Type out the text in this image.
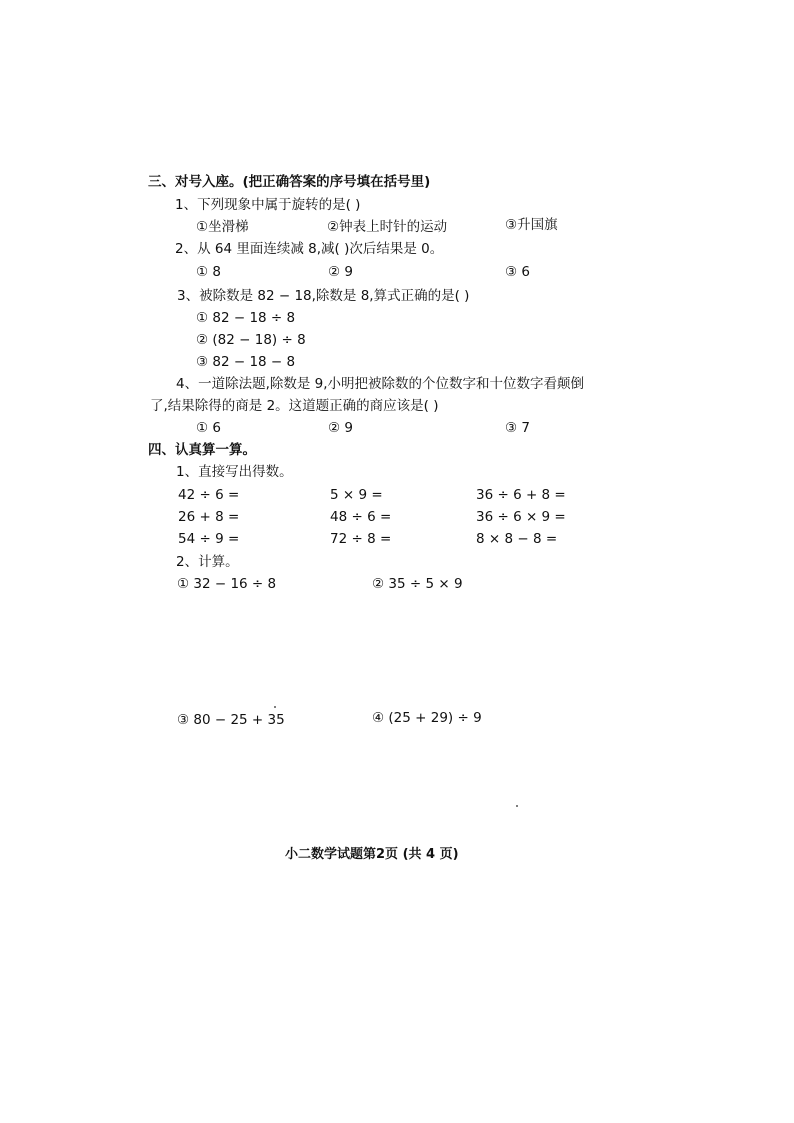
三、对号入座。(把正确答案的序号填在括号里)
1、下列现象中属于旋转的是( )
①坐滑梯	②钟表上时针的运动	③升国旗
2、从 64 里面连续减 8,减( )次后结果是 0。
① 8	② 9	③ 6
3、被除数是 82 − 18,除数是 8,算式正确的是( )
① 82 − 18 ÷ 8
② (82 − 18) ÷ 8
③ 82 − 18 − 8
4、一道除法题,除数是 9,小明把被除数的个位数字和十位数字看颠倒
了,结果除得的商是 2。这道题正确的商应该是( )
① 6	② 9	③ 7
四、认真算一算。
1、直接写出得数。
42 ÷ 6 =	5 × 9 =	36 ÷ 6 + 8 =
26 + 8 =	48 ÷ 6 =	36 ÷ 6 × 9 =
54 ÷ 9 =	72 ÷ 8 =	8 × 8 − 8 =
2、计算。
① 32 − 16 ÷ 8	② 35 ÷ 5 × 9
③ 80 − 25 + 35	④ (25 + 29) ÷ 9
小二数学试题第2页 (共 4 页)
